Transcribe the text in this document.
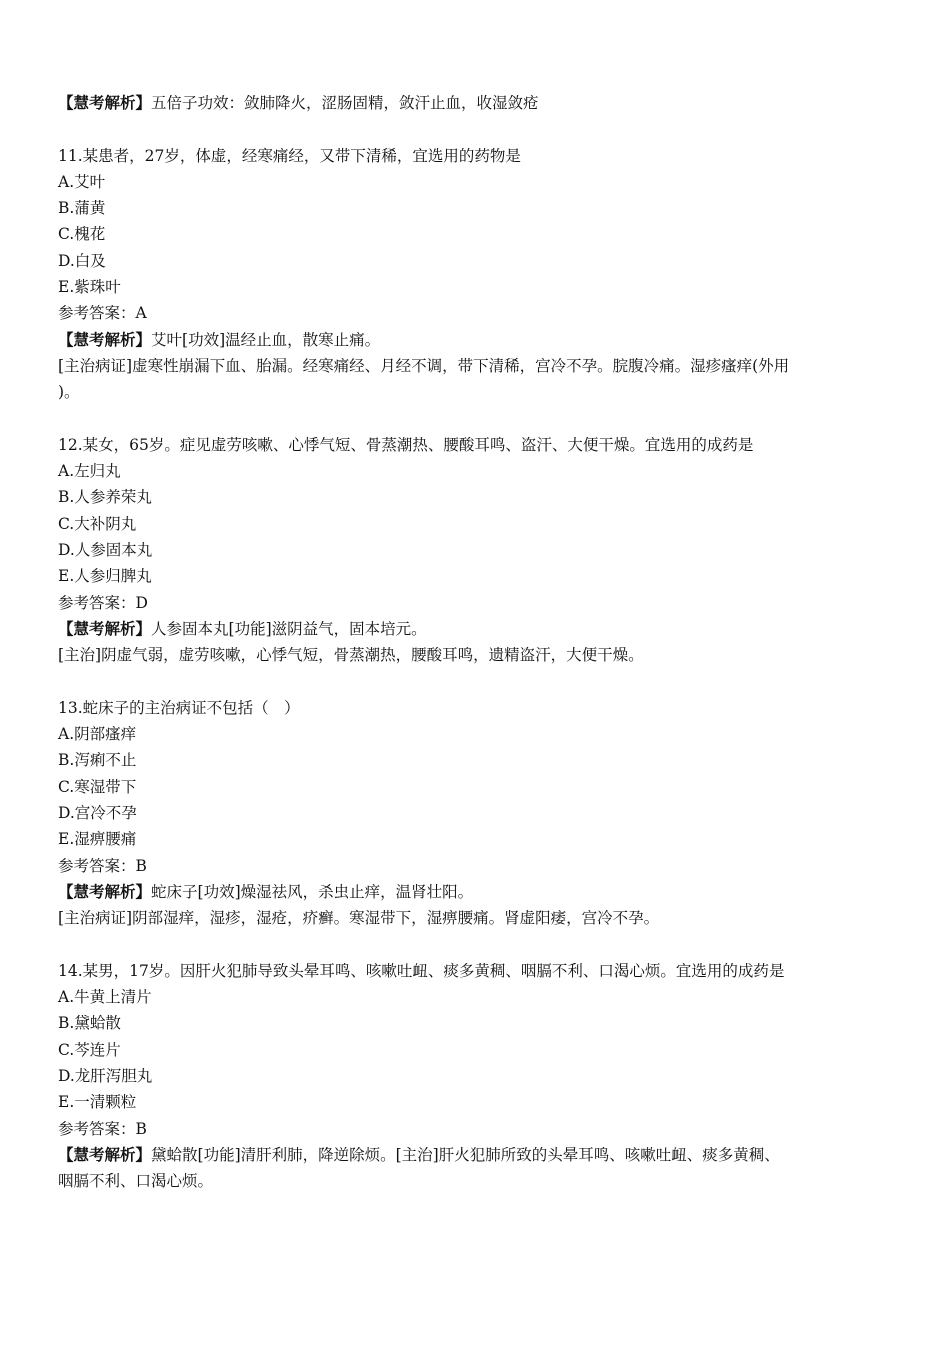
【慧考解析】五倍子功效：敛肺降火，涩肠固精，敛汗止血，收湿敛疮
11.某患者，27岁，体虚，经寒痛经，又带下清稀，宜选用的药物是
A.艾叶
B.蒲黄
C.槐花
D.白及
E.紫珠叶
参考答案：A
【慧考解析】艾叶[功效]温经止血，散寒止痛。
[主治病证]虚寒性崩漏下血、胎漏。经寒痛经、月经不调，带下清稀，宫冷不孕。脘腹冷痛。湿疹瘙痒(外用
)。
12.某女，65岁。症见虚劳咳嗽、心悸气短、骨蒸潮热、腰酸耳鸣、盗汗、大便干燥。宜选用的成药是
A.左归丸
B.人参养荣丸
C.大补阴丸
D.人参固本丸
E.人参归脾丸
参考答案：D
【慧考解析】人参固本丸[功能]滋阴益气，固本培元。
[主治]阴虚气弱，虚劳咳嗽，心悸气短，骨蒸潮热，腰酸耳鸣，遗精盗汗，大便干燥。
13.蛇床子的主治病证不包括（　）
A.阴部瘙痒
B.泻痢不止
C.寒湿带下
D.宫冷不孕
E.湿痹腰痛
参考答案：B
【慧考解析】蛇床子[功效]燥湿祛风，杀虫止痒，温肾壮阳。
[主治病证]阴部湿痒，湿疹，湿疮，疥癣。寒湿带下，湿痹腰痛。肾虚阳痿，宫冷不孕。
14.某男，17岁。因肝火犯肺导致头晕耳鸣、咳嗽吐衄、痰多黄稠、咽膈不利、口渴心烦。宜选用的成药是
A.牛黄上清片
B.黛蛤散
C.芩连片
D.龙肝泻胆丸
E.一清颗粒
参考答案：B
【慧考解析】黛蛤散[功能]清肝利肺，降逆除烦。[主治]肝火犯肺所致的头晕耳鸣、咳嗽吐衄、痰多黄稠、
咽膈不利、口渴心烦。
